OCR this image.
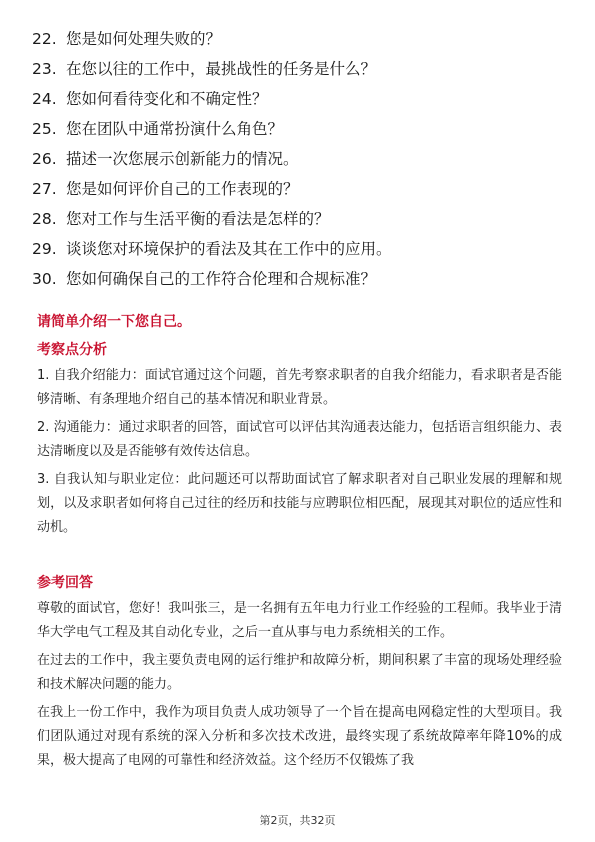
22. 您是如何处理失败的？
23. 在您以往的工作中，最挑战性的任务是什么？
24. 您如何看待变化和不确定性？
25. 您在团队中通常扮演什么角色？
26. 描述一次您展示创新能力的情况。
27. 您是如何评价自己的工作表现的？
28. 您对工作与生活平衡的看法是怎样的？
29. 谈谈您对环境保护的看法及其在工作中的应用。
30. 您如何确保自己的工作符合伦理和合规标准？
请简单介绍一下您自己。
考察点分析

1. 自我介绍能力：面试官通过这个问题，首先考察求职者的自我介绍能力，看求职者是否能够清晰、有条理地介绍自己的基本情况和职业背景。

2. 沟通能力：通过求职者的回答，面试官可以评估其沟通表达能力，包括语言组织能力、表达清晰度以及是否能够有效传达信息。

3. 自我认知与职业定位：此问题还可以帮助面试官了解求职者对自己职业发展的理解和规划，以及求职者如何将自己过往的经历和技能与应聘职位相匹配，展现其对职位的适应性和动机。

参考回答

尊敬的面试官，您好！我叫张三，是一名拥有五年电力行业工作经验的工程师。我毕业于清华大学电气工程及其自动化专业，之后一直从事与电力系统相关的工作。

在过去的工作中，我主要负责电网的运行维护和故障分析，期间积累了丰富的现场处理经验和技术解决问题的能力。

在我上一份工作中，我作为项目负责人成功领导了一个旨在提高电网稳定性的大型项目。我们团队通过对现有系统的深入分析和多次技术改进，最终实现了系统故障率年降10%的成果，极大提高了电网的可靠性和经济效益。这个经历不仅锻炼了我

第2页，共32页
